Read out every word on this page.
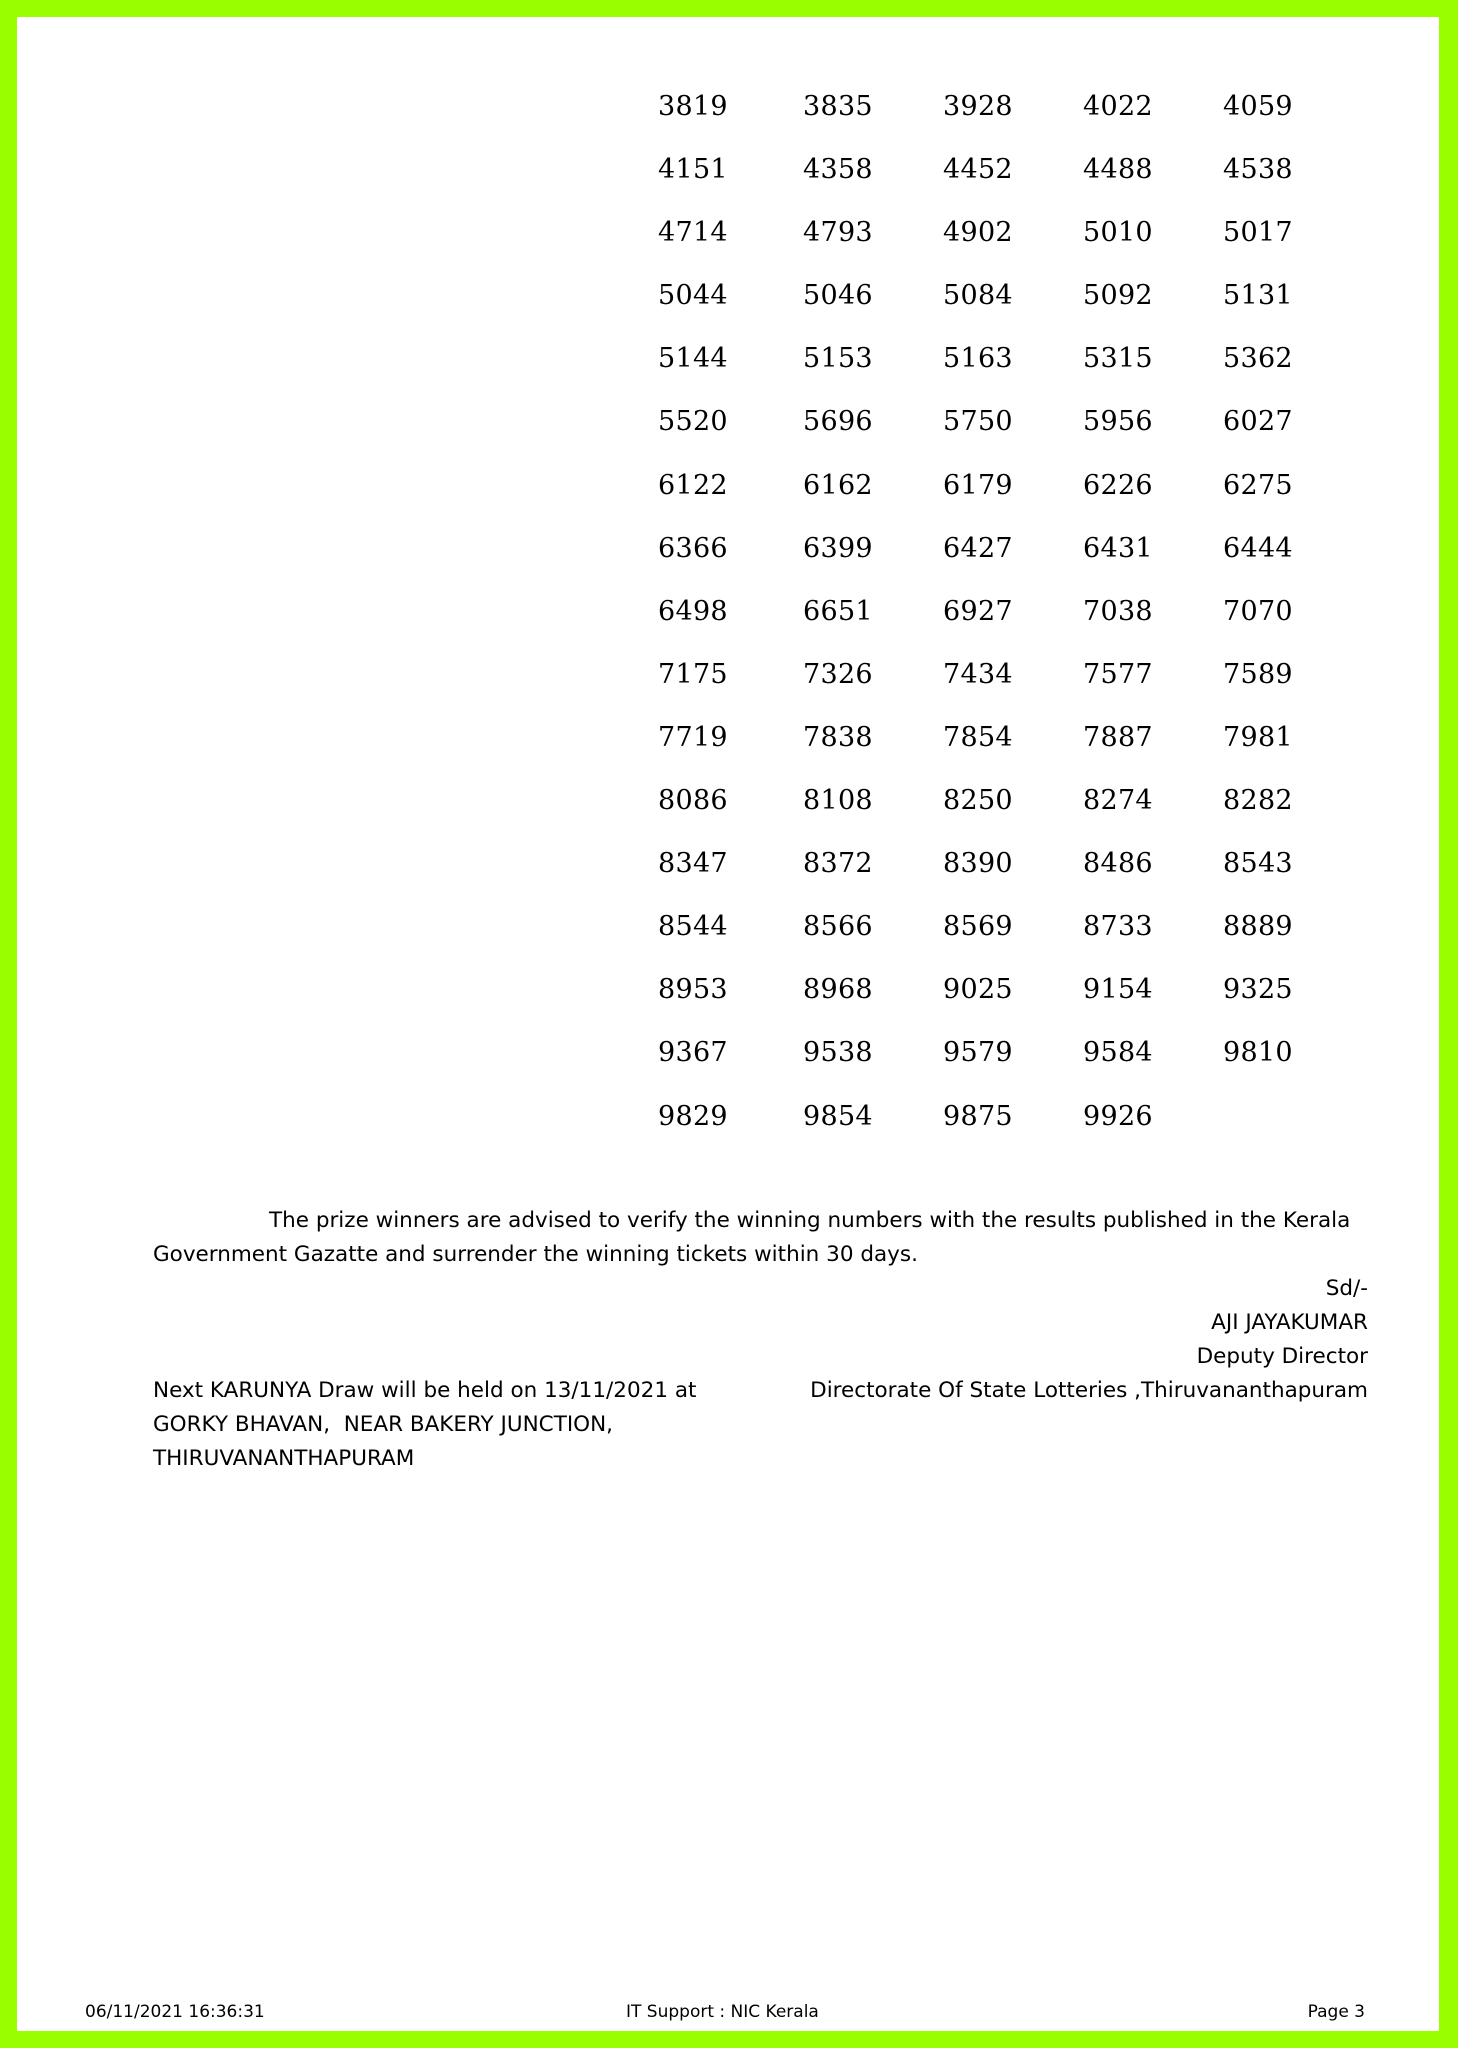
3819	3835	3928	4022	4059
4151	4358	4452	4488	4538
4714	4793	4902	5010	5017
5044	5046	5084	5092	5131
5144	5153	5163	5315	5362
5520	5696	5750	5956	6027
6122	6162	6179	6226	6275
6366	6399	6427	6431	6444
6498	6651	6927	7038	7070
7175	7326	7434	7577	7589
7719	7838	7854	7887	7981
8086	8108	8250	8274	8282
8347	8372	8390	8486	8543
8544	8566	8569	8733	8889
8953	8968	9025	9154	9325
9367	9538	9579	9584	9810
9829	9854	9875	9926
The prize winners are advised to verify the winning numbers with the results published in the Kerala
Government Gazatte and surrender the winning tickets within 30 days.
Sd/-
AJI JAYAKUMAR
Deputy Director
Directorate Of State Lotteries ,Thiruvananthapuram
Next KARUNYA Draw will be held on 13/11/2021 at
GORKY BHAVAN,  NEAR BAKERY JUNCTION,
THIRUVANANTHAPURAM
06/11/2021 16:36:31	IT Support : NIC Kerala	Page 3
